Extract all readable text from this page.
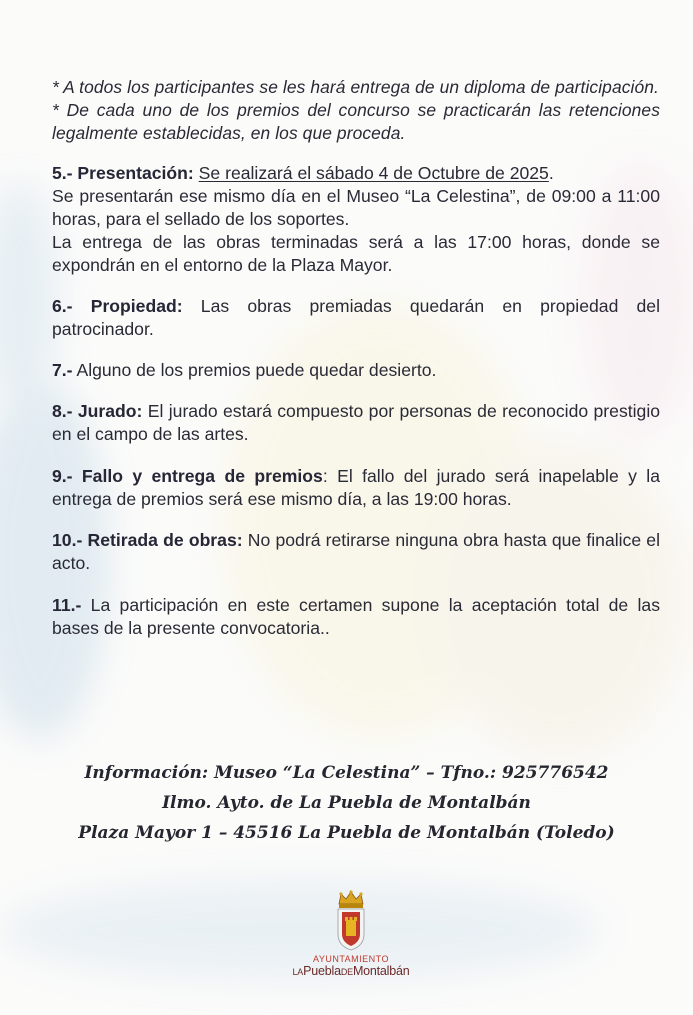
* A todos los participantes se les hará entrega de un diploma de participación.

* De cada uno de los premios del concurso se practicarán las retenciones legalmente establecidas, en los que proceda.

5.- Presentación: Se realizará el sábado 4 de Octubre de 2025.
Se presentarán ese mismo día en el Museo “La Celestina”, de 09:00 a 11:00 horas, para el sellado de los soportes.
La entrega de las obras terminadas será a las 17:00 horas, donde se expondrán en el entorno de la Plaza Mayor.

6.- Propiedad: Las obras premiadas quedarán en propiedad del patrocinador.

7.- Alguno de los premios puede quedar desierto.

8.- Jurado: El jurado estará compuesto por personas de reconocido prestigio en el campo de las artes.

9.- Fallo y entrega de premios: El fallo del jurado será inapelable y la entrega de premios será ese mismo día, a las 19:00 horas.

10.- Retirada de obras: No podrá retirarse ninguna obra hasta que finalice el acto.

11.- La participación en este certamen supone la aceptación total de las bases de la presente convocatoria..

Información: Museo “La Celestina” – Tfno.: 925776542
Ilmo. Ayto. de La Puebla de Montalbán
Plaza Mayor 1 – 45516 La Puebla de Montalbán (Toledo)
AYUNTAMIENTO
LAPueblaDEMontalbán
